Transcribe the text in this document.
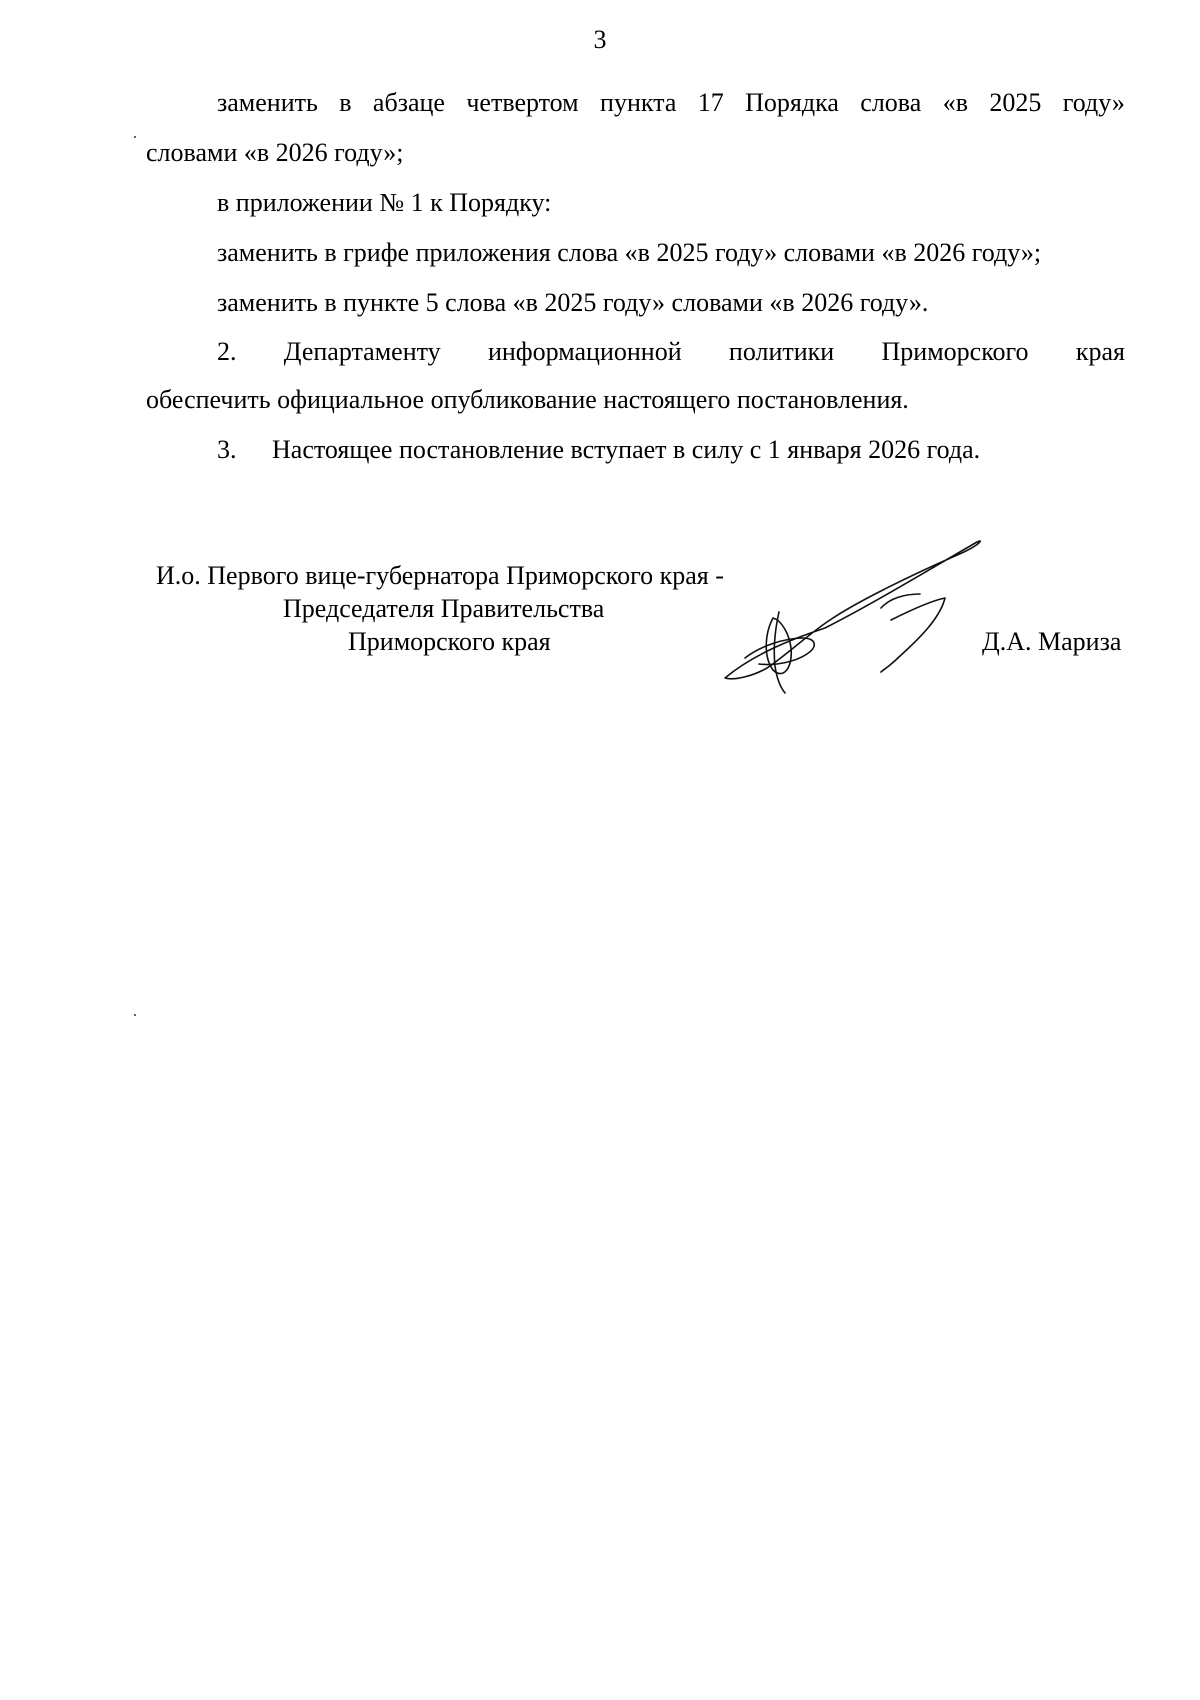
3
заменить в абзаце четвертом пункта 17 Порядка слова «в 2025 году»
словами «в 2026 году»;
в приложении № 1 к Порядку:
заменить в грифе приложения слова «в 2025 году» словами «в 2026 году»;
заменить в пункте 5 слова «в 2025 году» словами «в 2026 году».
2. Департаменту информационной политики Приморского края
обеспечить официальное опубликование настоящего постановления.
3. Настоящее постановление вступает в силу с 1 января 2026 года.
И.о. Первого вице-губернатора Приморского края -
Председателя Правительства
Приморского края	Д.А. Мариза
